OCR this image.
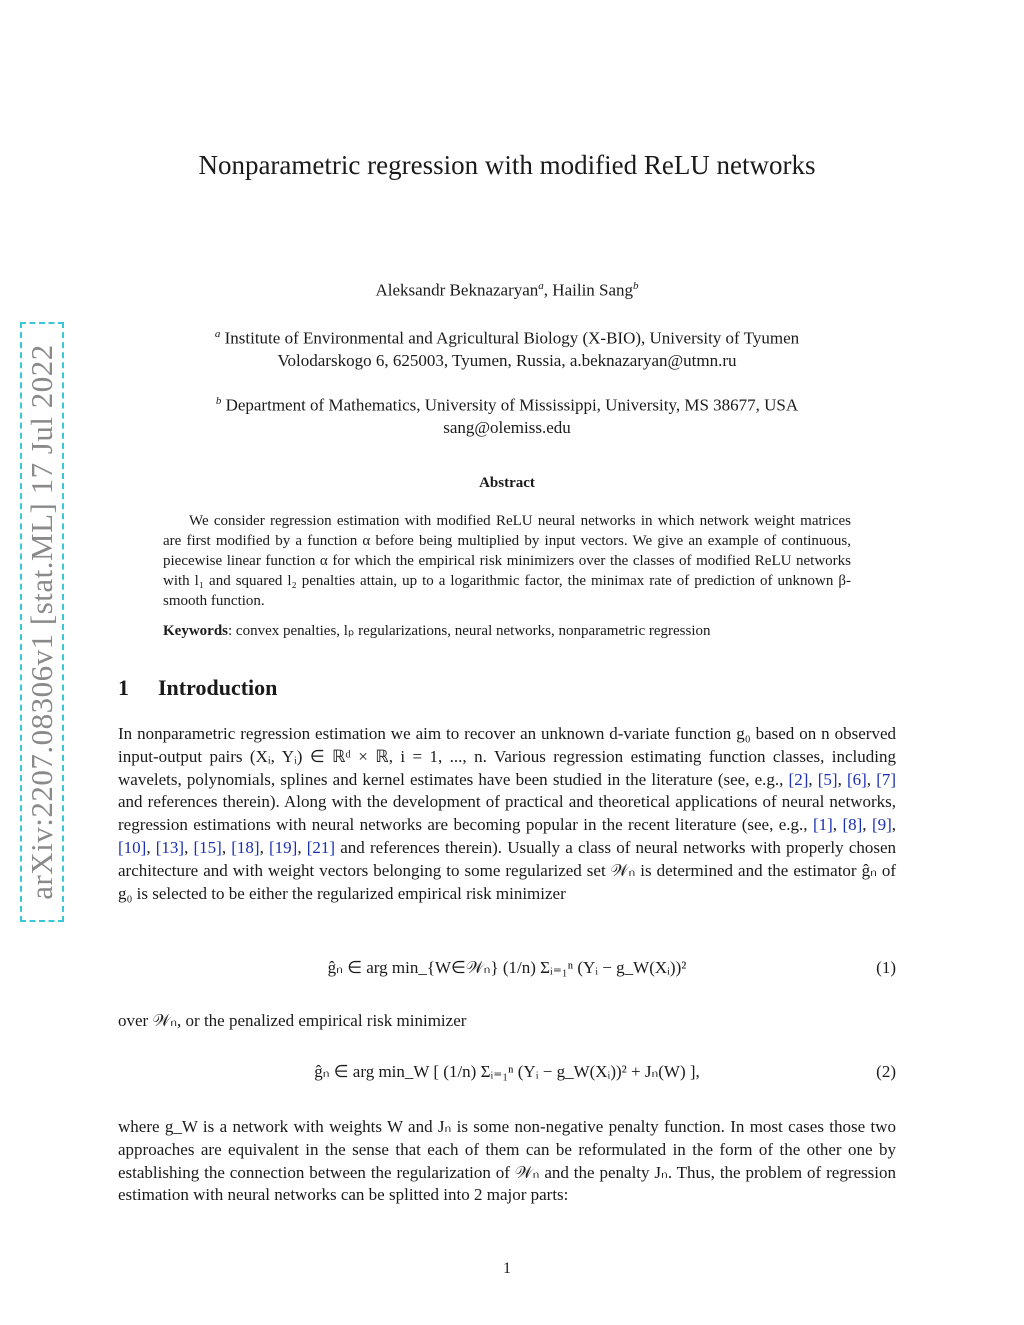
arXiv:2207.08306v1 [stat.ML] 17 Jul 2022
Nonparametric regression with modified ReLU networks
Aleksandr Beknazaryan$^a$, Hailin Sang$^b$
$^a$ Institute of Environmental and Agricultural Biology (X-BIO), University of Tyumen
Volodarskogo 6, 625003, Tyumen, Russia, a.beknazaryan@utmn.ru
$^b$ Department of Mathematics, University of Mississippi, University, MS 38677, USA
sang@olemiss.edu
Abstract
We consider regression estimation with modified ReLU neural networks in which network weight matrices are first modified by a function α before being multiplied by input vectors. We give an example of continuous, piecewise linear function α for which the empirical risk minimizers over the classes of modified ReLU networks with l₁ and squared l₂ penalties attain, up to a logarithmic factor, the minimax rate of prediction of unknown β-smooth function.
Keywords: convex penalties, lₚ regularizations, neural networks, nonparametric regression
1 Introduction
In nonparametric regression estimation we aim to recover an unknown d-variate function g₀ based on n observed input-output pairs (Xᵢ, Yᵢ) ∈ ℝᵈ × ℝ, i = 1, ..., n. Various regression estimating function classes, including wavelets, polynomials, splines and kernel estimates have been studied in the literature (see, e.g., [2], [5], [6], [7] and references therein). Along with the development of practical and theoretical applications of neural networks, regression estimations with neural networks are becoming popular in the recent literature (see, e.g., [1], [8], [9], [10], [13], [15], [18], [19], [21] and references therein). Usually a class of neural networks with properly chosen architecture and with weight vectors belonging to some regularized set 𝒲ₙ is determined and the estimator ĝₙ of g₀ is selected to be either the regularized empirical risk minimizer
ĝₙ ∈ arg min_{W∈𝒲ₙ} (1/n) Σᵢ₌₁ⁿ (Yᵢ − g_W(Xᵢ))²	(1)
over 𝒲ₙ, or the penalized empirical risk minimizer
ĝₙ ∈ arg min_W [ (1/n) Σᵢ₌₁ⁿ (Yᵢ − g_W(Xᵢ))² + Jₙ(W) ],	(2)
where g_W is a network with weights W and Jₙ is some non-negative penalty function. In most cases those two approaches are equivalent in the sense that each of them can be reformulated in the form of the other one by establishing the connection between the regularization of 𝒲ₙ and the penalty Jₙ. Thus, the problem of regression estimation with neural networks can be splitted into 2 major parts:
1
